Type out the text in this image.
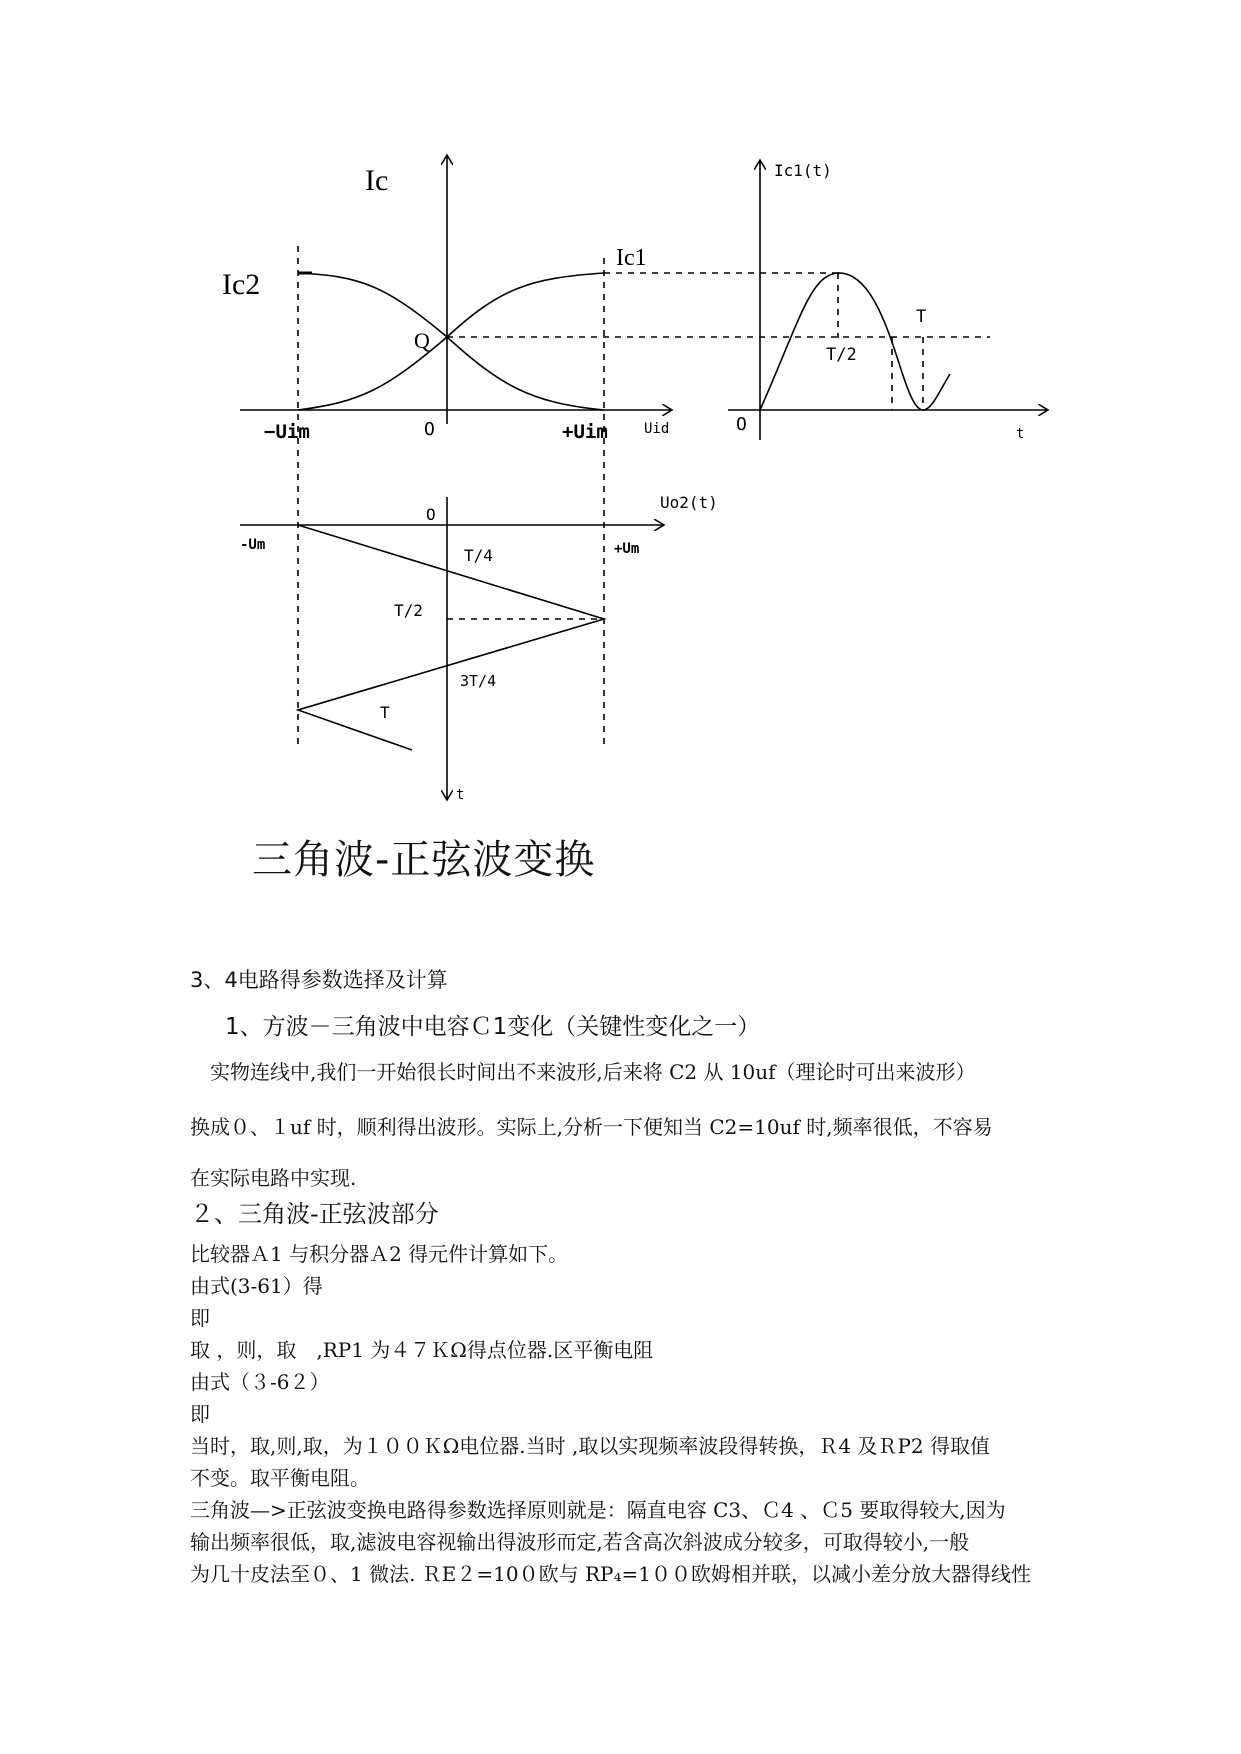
Ic
Ic1
Ic2
Q
−Uim	O	+Uim	Uid
Ic1(t)
T/2
T
O	t
Uo2(t)
O
-Um	+Um
T/4
T/2
3T/4
T
t
三角波-正弦波变换
3、4电路得参数选择及计算
1、方波－三角波中电容Ｃ1变化（关键性变化之一）
　实物连线中,我们一开始很长时间出不来波形,后来将 C2 从 10uf（理论时可出来波形）
换成０、１uf 时，顺利得出波形。实际上,分析一下便知当 C2=10uf 时,频率很低，不容易
在实际电路中实现.
２、三角波-正弦波部分
比较器Ａ1 与积分器Ａ2 得元件计算如下。
由式(3-61）得
即
取 ，则，取　,RP1 为４７ＫΩ得点位器.区平衡电阻
由式（３-6２）
即
当时，取,则,取，为１００ＫΩ电位器.当时 ,取以实现频率波段得转换，Ｒ4 及ＲP2 得取值
不变。取平衡电阻。
三角波—>正弦波变换电路得参数选择原则就是：隔直电容 C3、Ｃ4 、Ｃ5 要取得较大,因为
输出频率很低，取,滤波电容视输出得波形而定,若含高次斜波成分较多，可取得较小,一般
为几十皮法至０、1 微法. ＲE２=10０欧与 RP₄=1００欧姆相并联，以减小差分放大器得线性
